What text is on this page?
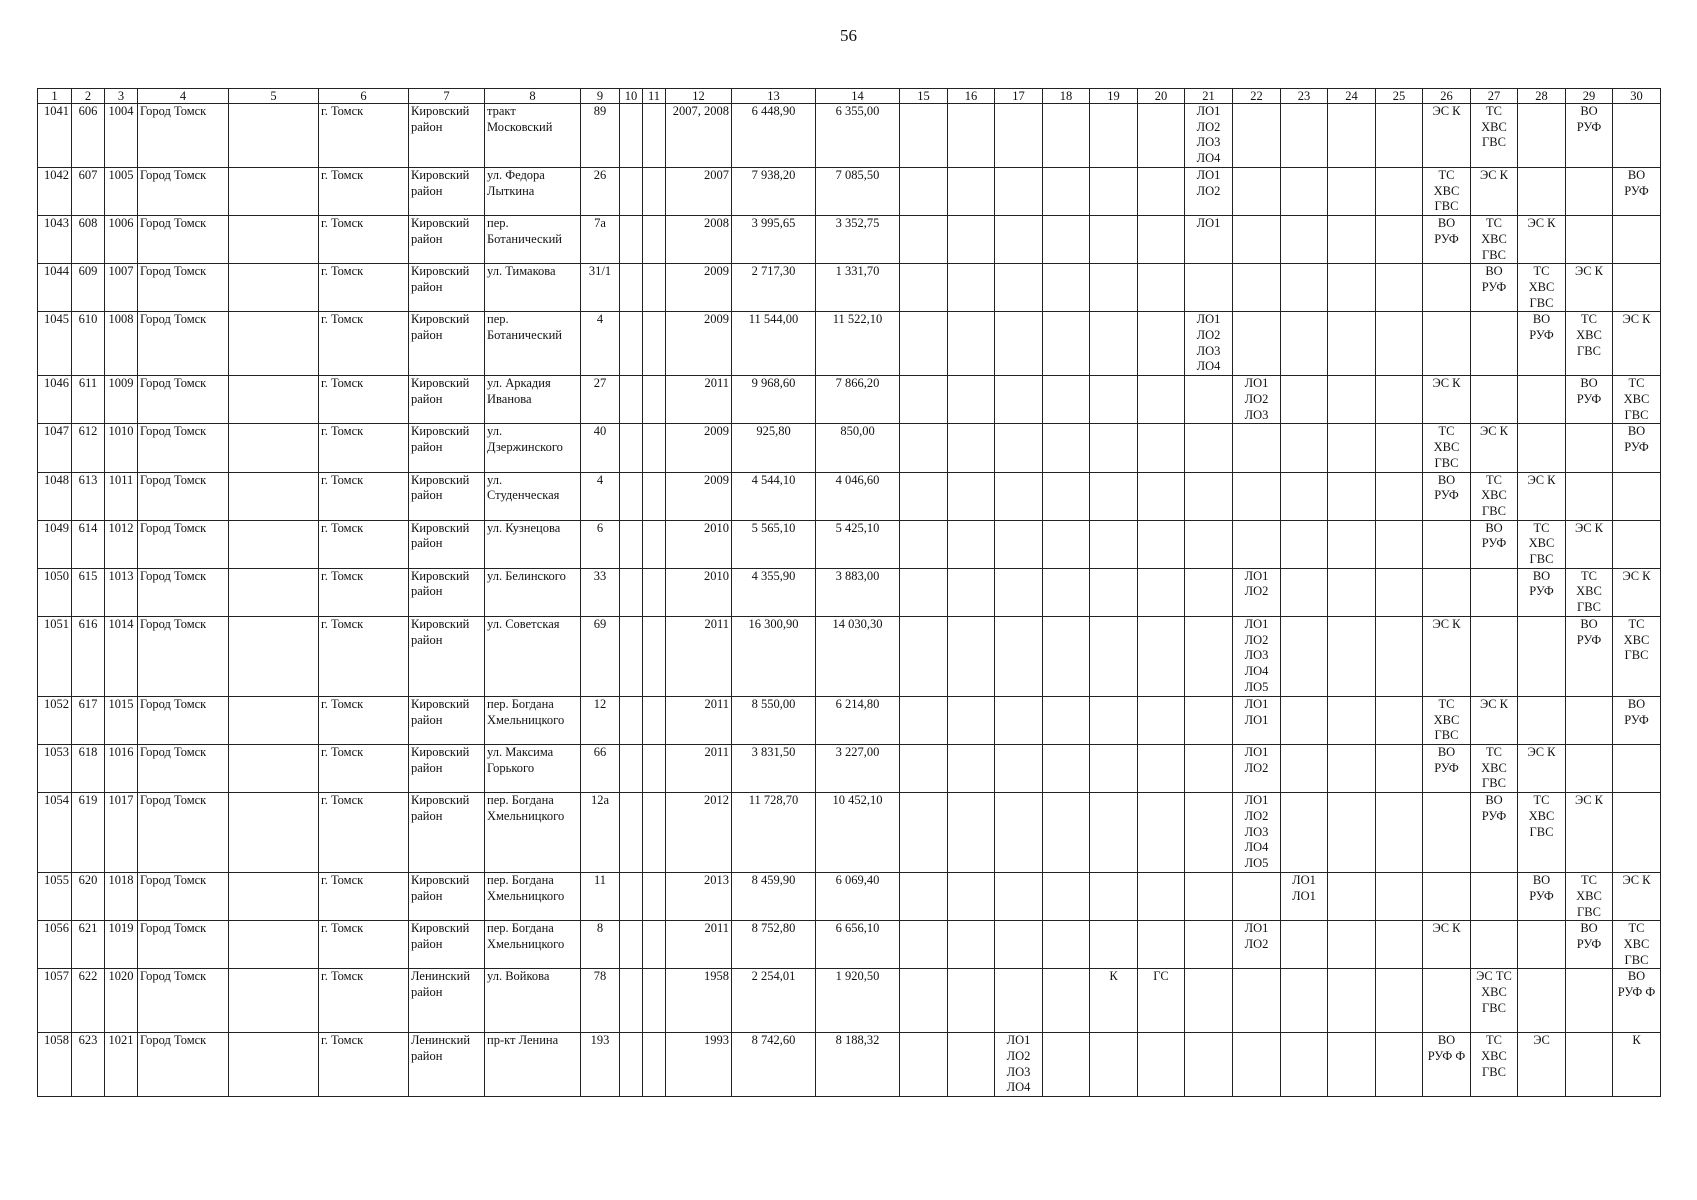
56
1	2	3	4	5	6	7	8	9	10	11	12	13	14	15	16	17	18	19	20	21	22	23	24	25	26	27	28	29	30
1041	606	1004	Город Томск		г. Томск	Кировский
район	тракт
Московский	89			2007, 2008	6 448,90	6 355,00							ЛО1
ЛО2
ЛО3
ЛО4					ЭС К	ТС
ХВС
ГВС		ВО
РУФ	
1042	607	1005	Город Томск		г. Томск	Кировский
район	ул. Федора
Лыткина	26			2007	7 938,20	7 085,50							ЛО1
ЛО2					ТС
ХВС
ГВС	ЭС К			ВО
РУФ
1043	608	1006	Город Томск		г. Томск	Кировский
район	пер.
Ботанический	7а			2008	3 995,65	3 352,75							ЛО1					ВО
РУФ	ТС
ХВС
ГВС	ЭС К		
1044	609	1007	Город Томск		г. Томск	Кировский
район	ул. Тимакова	31/1			2009	2 717,30	1 331,70													ВО
РУФ	ТС
ХВС
ГВС	ЭС К	
1045	610	1008	Город Томск		г. Томск	Кировский
район	пер.
Ботанический	4			2009	11 544,00	11 522,10							ЛО1
ЛО2
ЛО3
ЛО4							ВО
РУФ	ТС
ХВС
ГВС	ЭС К
1046	611	1009	Город Томск		г. Томск	Кировский
район	ул. Аркадия
Иванова	27			2011	9 968,60	7 866,20								ЛО1
ЛО2
ЛО3				ЭС К			ВО
РУФ	ТС
ХВС
ГВС
1047	612	1010	Город Томск		г. Томск	Кировский
район	ул.
Дзержинского	40			2009	925,80	850,00												ТС
ХВС
ГВС	ЭС К			ВО
РУФ
1048	613	1011	Город Томск		г. Томск	Кировский
район	ул.
Студенческая	4			2009	4 544,10	4 046,60												ВО
РУФ	ТС
ХВС
ГВС	ЭС К		
1049	614	1012	Город Томск		г. Томск	Кировский
район	ул. Кузнецова	6			2010	5 565,10	5 425,10													ВО
РУФ	ТС
ХВС
ГВС	ЭС К	
1050	615	1013	Город Томск		г. Томск	Кировский
район	ул. Белинского	33			2010	4 355,90	3 883,00								ЛО1
ЛО2						ВО
РУФ	ТС
ХВС
ГВС	ЭС К
1051	616	1014	Город Томск		г. Томск	Кировский
район	ул. Советская	69			2011	16 300,90	14 030,30								ЛО1
ЛО2
ЛО3
ЛО4
ЛО5				ЭС К			ВО
РУФ	ТС
ХВС
ГВС
1052	617	1015	Город Томск		г. Томск	Кировский
район	пер. Богдана
Хмельницкого	12			2011	8 550,00	6 214,80								ЛО1
ЛО1				ТС
ХВС
ГВС	ЭС К			ВО
РУФ
1053	618	1016	Город Томск		г. Томск	Кировский
район	ул. Максима
Горького	66			2011	3 831,50	3 227,00								ЛО1
ЛО2				ВО
РУФ	ТС
ХВС
ГВС	ЭС К		
1054	619	1017	Город Томск		г. Томск	Кировский
район	пер. Богдана
Хмельницкого	12а			2012	11 728,70	10 452,10								ЛО1
ЛО2
ЛО3
ЛО4
ЛО5					ВО
РУФ	ТС
ХВС
ГВС	ЭС К	
1055	620	1018	Город Томск		г. Томск	Кировский
район	пер. Богдана
Хмельницкого	11			2013	8 459,90	6 069,40									ЛО1
ЛО1					ВО
РУФ	ТС
ХВС
ГВС	ЭС К
1056	621	1019	Город Томск		г. Томск	Кировский
район	пер. Богдана
Хмельницкого	8			2011	8 752,80	6 656,10								ЛО1
ЛО2				ЭС К			ВО
РУФ	ТС
ХВС
ГВС
1057	622	1020	Город Томск		г. Томск	Ленинский
район	ул. Войкова	78			1958	2 254,01	1 920,50					К	ГС							ЭС ТС
ХВС
ГВС			ВО
РУФ Ф
1058	623	1021	Город Томск		г. Томск	Ленинский
район	пр-кт Ленина	193			1993	8 742,60	8 188,32			ЛО1
ЛО2
ЛО3
ЛО4									ВО
РУФ Ф	ТС
ХВС
ГВС	ЭС		К
